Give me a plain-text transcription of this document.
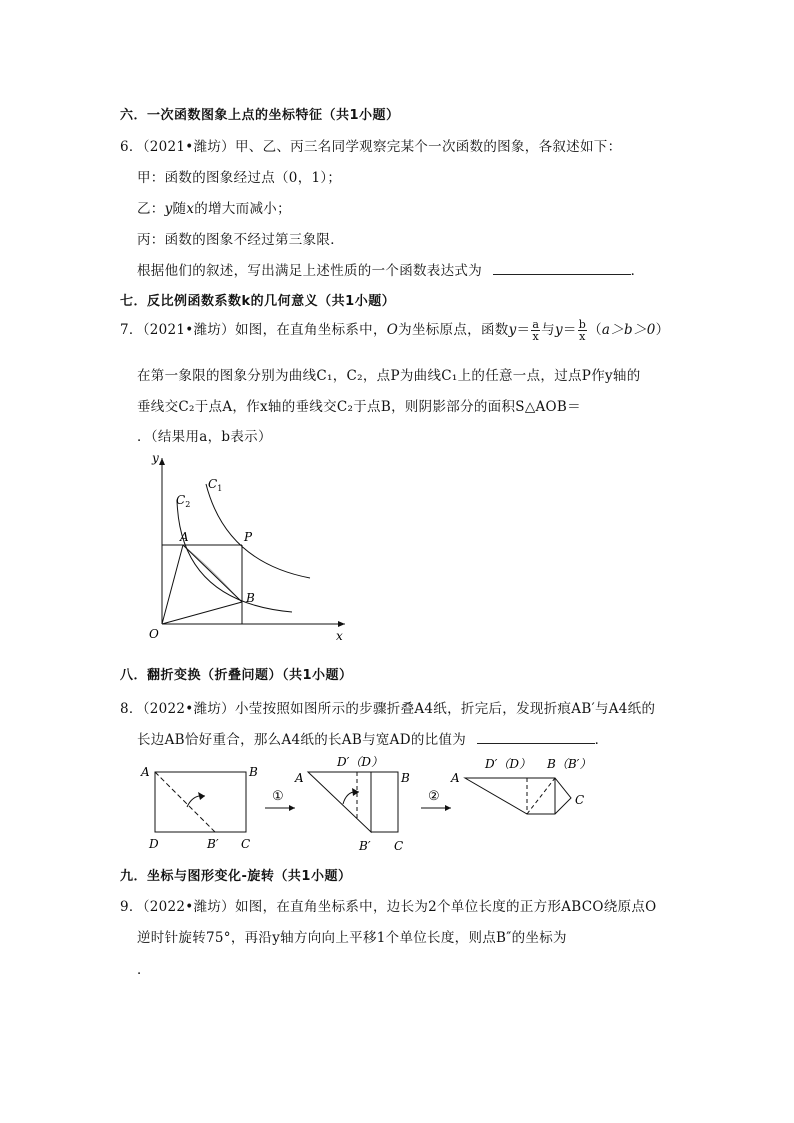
六．一次函数图象上点的坐标特征（共1小题）
6．（2021•潍坊）甲、乙、丙三名同学观察完某个一次函数的图象，各叙述如下：
甲：函数的图象经过点（0，1）；
乙：y随x的增大而减小；
丙：函数的图象不经过第三象限．
根据他们的叙述，写出满足上述性质的一个函数表达式为	．
七．反比例函数系数k的几何意义（共1小题）
7．（2021•潍坊）如图，在直角坐标系中，O为坐标原点，函数$y= \frac{a}{x}$ 与$y= \frac{b}{x} (a>b>0)$
在第一象限的图象分别为曲线C₁，C₂，点P为曲线C₁上的任意一点，过点P作y轴的
垂线交C₂于点A，作x轴的垂线交C₂于点B，则阴影部分的面积S△AOB＝
．（结果用a，b表示）
y
x
O
$C_1$
$C_2$
A	P
B
八．翻折变换（折叠问题）（共1小题）
8．（2022•潍坊）小莹按照如图所示的步骤折叠A4纸，折完后，发现折痕AB′与A4纸的
长边AB恰好重合，那么A4纸的长AB与宽AD的比值为	．
A	B
D	B′ C
①
A
D′（D）
B
B′ C
②
A
D′（D） B（B′）
C
九．坐标与图形变化-旋转（共1小题）
9．（2022•潍坊）如图，在直角坐标系中，边长为2个单位长度的正方形ABCO绕原点O
逆时针旋转75°，再沿y轴方向向上平移1个单位长度，则点B″的坐标为
．
